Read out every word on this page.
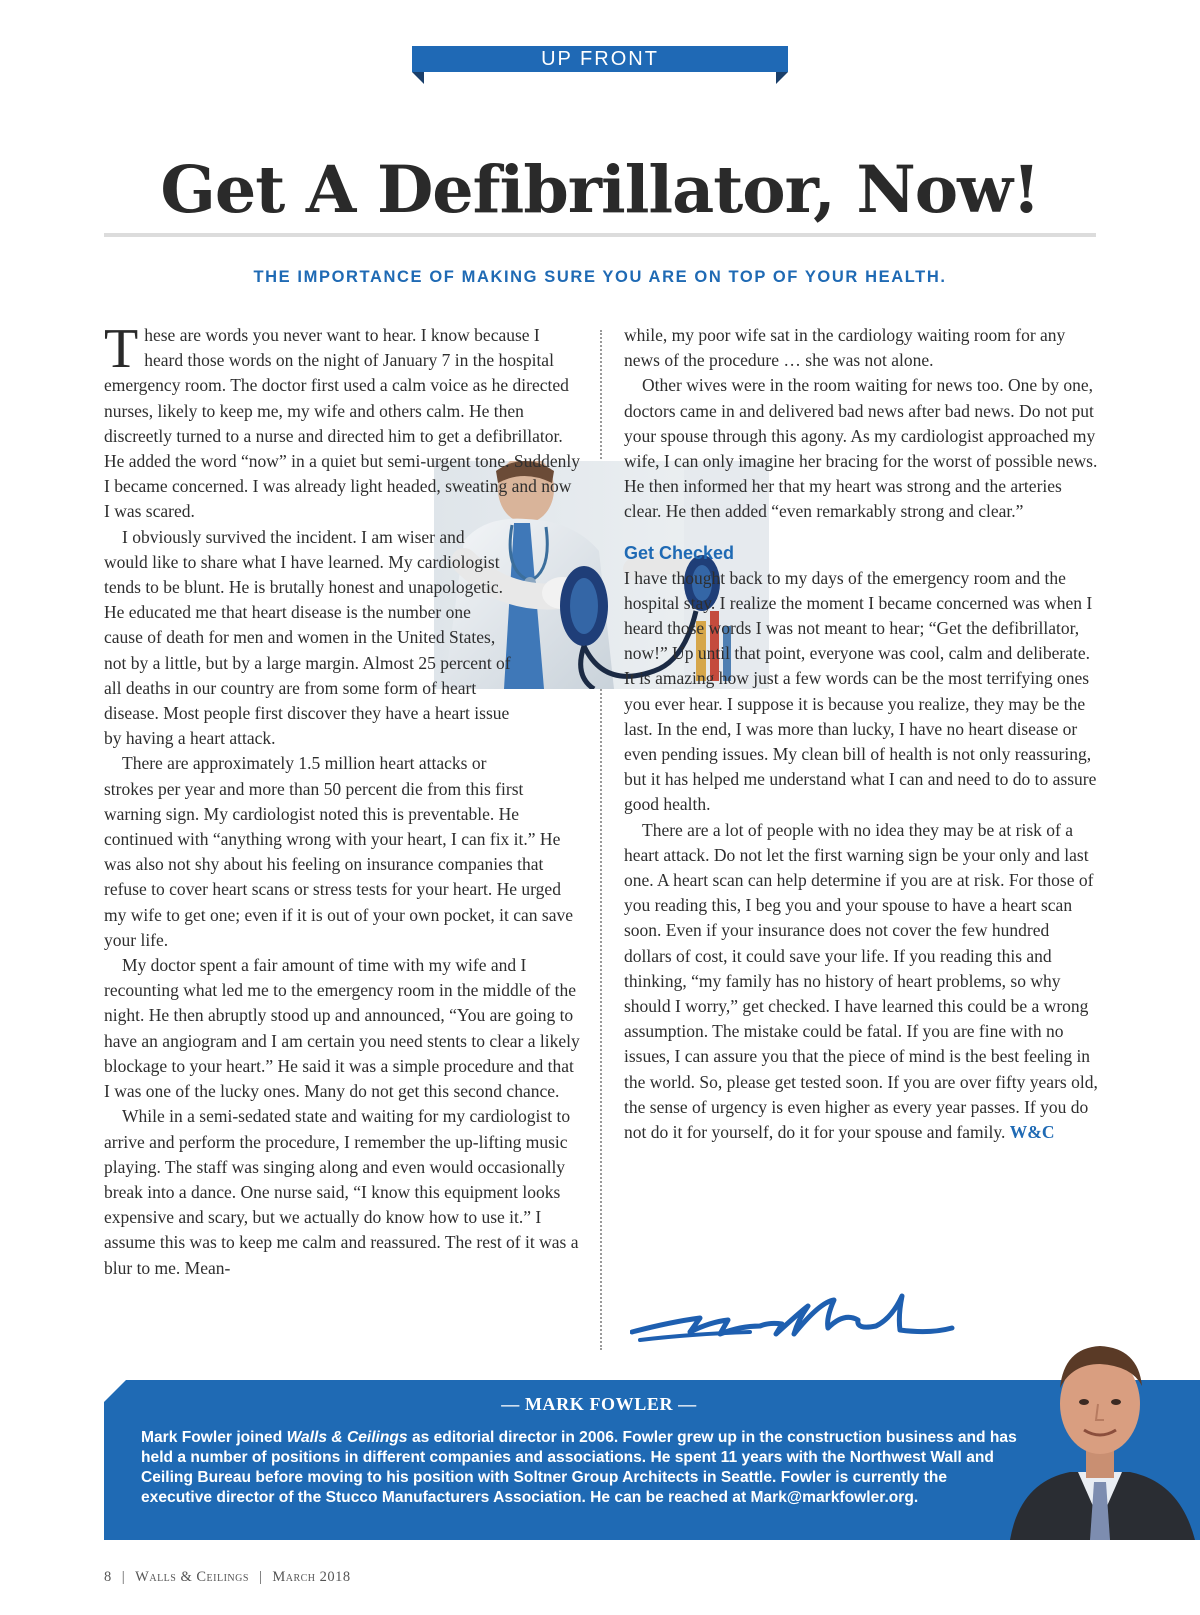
UP FRONT
Get A Defibrillator, Now!
THE IMPORTANCE OF MAKING SURE YOU ARE ON TOP OF YOUR HEALTH.

These are words you never want to hear. I know because I heard those words on the night of January 7 in the hospital emergency room. The doctor first used a calm voice as he directed nurses, likely to keep me, my wife and others calm. He then discreetly turned to a nurse and directed him to get a defibrillator. He added the word “now” in a quiet but semi-urgent tone. Suddenly I became concerned. I was already light headed, sweating and now I was scared.

I obviously survived the incident. I am wiser and would like to share what I have learned. My cardiologist tends to be blunt. He is brutally honest and unapologetic. He educated me that heart disease is the number one cause of death for men and women in the United States, not by a little, but by a large margin. Almost 25 percent of all deaths in our country are from some form of heart disease. Most people first discover they have a heart issue by having a heart attack.

There are approximately 1.5 million heart attacks or strokes per year and more than 50 percent die from this first warning sign. My cardiologist noted this is preventable. He continued with “anything wrong with your heart, I can fix it.” He was also not shy about his feeling on insurance companies that refuse to cover heart scans or stress tests for your heart. He urged my wife to get one; even if it is out of your own pocket, it can save your life.

My doctor spent a fair amount of time with my wife and I recounting what led me to the emergency room in the middle of the night. He then abruptly stood up and announced, “You are going to have an angiogram and I am certain you need stents to clear a likely blockage to your heart.” He said it was a simple procedure and that I was one of the lucky ones. Many do not get this second chance.

While in a semi-sedated state and waiting for my cardiologist to arrive and perform the procedure, I remember the up-lifting music playing. The staff was singing along and even would occasionally break into a dance. One nurse said, “I know this equipment looks expensive and scary, but we actually do know how to use it.” I assume this was to keep me calm and reassured. The rest of it was a blur to me. Mean-

while, my poor wife sat in the cardiology waiting room for any news of the procedure … she was not alone.

Other wives were in the room waiting for news too. One by one, doctors came in and delivered bad news after bad news. Do not put your spouse through this agony. As my cardiologist approached my wife, I can only imagine her bracing for the worst of possible news. He then informed her that my heart was strong and the arteries clear. He then added “even remarkably strong and clear.”

Get Checked

I have thought back to my days of the emergency room and the hospital stay. I realize the moment I became concerned was when I heard those words I was not meant to hear; “Get the defibrillator, now!” Up until that point, everyone was cool, calm and deliberate. It is amazing how just a few words can be the most terrifying ones you ever hear. I suppose it is because you realize, they may be the last. In the end, I was more than lucky, I have no heart disease or even pending issues. My clean bill of health is not only reassuring, but it has helped me understand what I can and need to do to assure good health.

There are a lot of people with no idea they may be at risk of a heart attack. Do not let the first warning sign be your only and last one. A heart scan can help determine if you are at risk. For those of you reading this, I beg you and your spouse to have a heart scan soon. Even if your insurance does not cover the few hundred dollars of cost, it could save your life. If you reading this and thinking, “my family has no history of heart problems, so why should I worry,” get checked. I have learned this could be a wrong assumption. The mistake could be fatal. If you are fine with no issues, I can assure you that the piece of mind is the best feeling in the world. So, please get tested soon. If you are over fifty years old, the sense of urgency is even higher as every year passes. If you do not do it for yourself, do it for your spouse and family. W&C

— MARK FOWLER —
Mark Fowler joined Walls & Ceilings as editorial director in 2006. Fowler grew up in the construction business and has held a number of positions in different companies and associations. He spent 11 years with the Northwest Wall and Ceiling Bureau before moving to his position with Soltner Group Architects in Seattle. Fowler is currently the executive director of the Stucco Manufacturers Association. He can be reached at Mark@markfowler.org.
8 | Walls & Ceilings | March 2018
